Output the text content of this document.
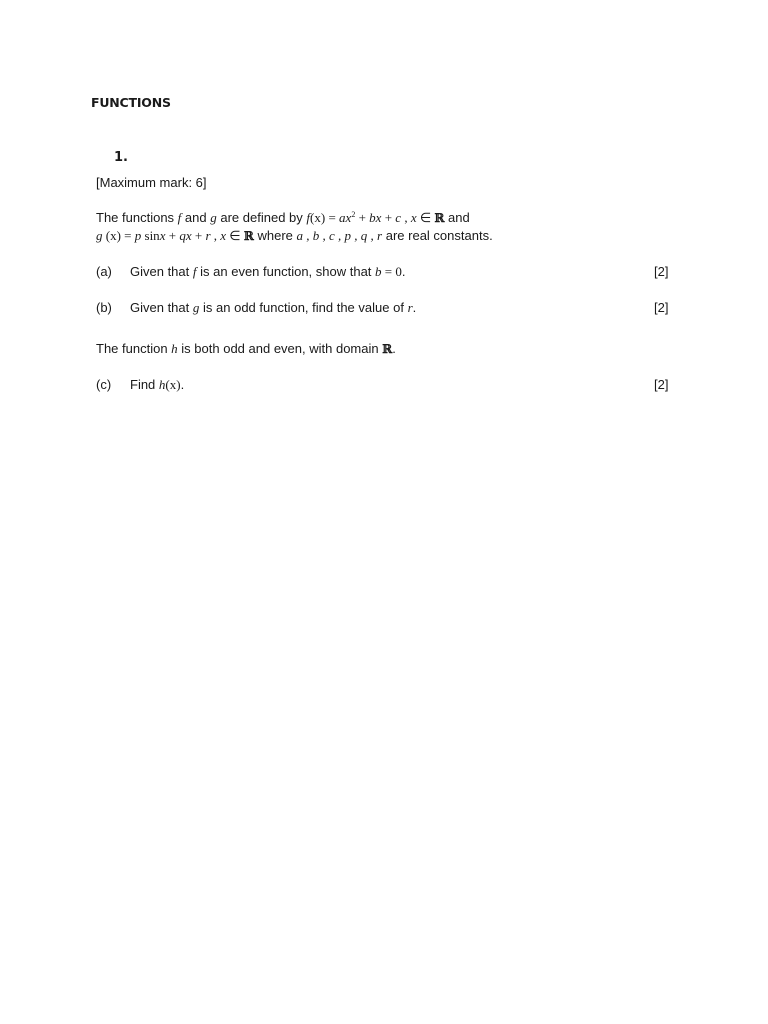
FUNCTIONS
1.
[Maximum mark: 6]
The functions f and g are defined by $f(x) = ax^2$ + bx + c , x ∈ ℝ and
g (x) = p sinx + qx + r , x ∈ ℝ where a , b , c , p , q , r are real constants.
(a) Given that f is an even function, show that b = 0.	[2]
(b) Given that g is an odd function, find the value of r.	[2]
The function h is both odd and even, with domain ℝ.
(c) Find h(x).	[2]
